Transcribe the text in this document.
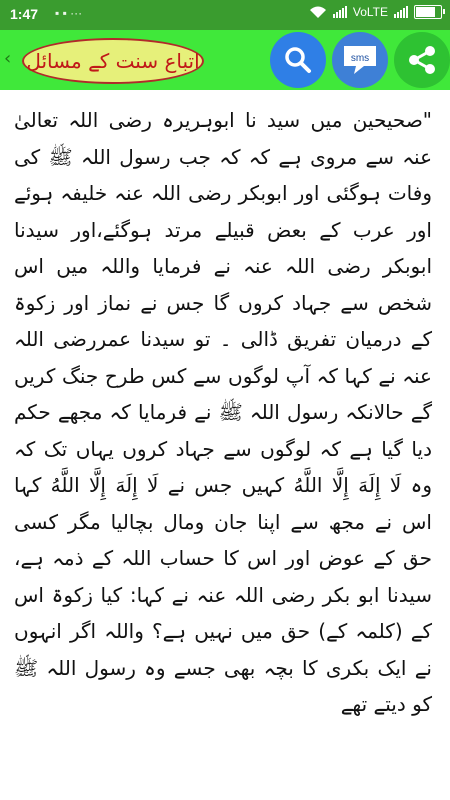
1:47 ▪ ▪ ···	VoLTE
‹ اتباع سنت کے مسائل	sms

"صحیحین میں سید نا ابوہریرہ رضی اللہ تعالیٰ عنہ سے مروی ہے کہ کہ جب رسول اللہ ﷺ کی وفات ہوگئی اور ابوبکر رضی اللہ عنہ خلیفہ ہوئے اور عرب کے بعض قبیلے مرتد ہوگئے،اور سیدنا ابوبکر رضی اللہ عنہ نے فرمایا واللہ میں اس شخص سے جہاد کروں گا جس نے نماز اور زکوۃ کے درمیان تفریق ڈالی ۔ تو سیدنا عمررضی اللہ عنہ نے کہا کہ آپ لوگوں سے کس طرح جنگ کریں گے حالانکہ رسول اللہ ﷺ نے فرمایا کہ مجھے حکم دیا گیا ہے کہ لوگوں سے جہاد کروں یہاں تک کہ وہ لَا إِلَهَ إِلَّا اللَّهُ کہیں جس نے لَا إِلَهَ إِلَّا اللَّهُ کہا اس نے مجھ سے اپنا جان ومال بچالیا مگر کسی حق کے عوض اور اس کا حساب اللہ کے ذمہ ہے، سیدنا ابو بکر رضی اللہ عنہ نے کہا: کیا زکوۃ اس کے (کلمہ کے) حق میں نہیں ہے؟ واللہ اگر انہوں نے ایک بکری کا بچہ بھی جسے وہ رسول اللہ ﷺ کو دیتے تھے
